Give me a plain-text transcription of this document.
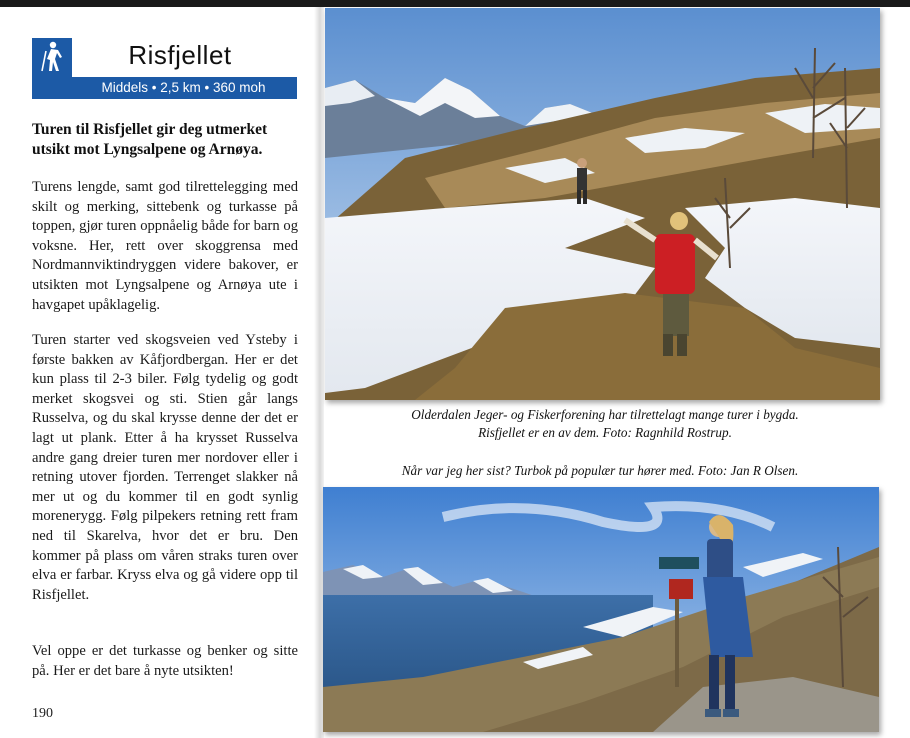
Risfjellet
Middels • 2,5 km • 360 moh
Turen til Risfjellet gir deg utmerket utsikt mot Lyngsalpene og Arnøya.
Turens lengde, samt god tilrettelegging med skilt og merking, sittebenk og turkasse på toppen, gjør turen oppnåelig både for barn og voksne. Her, rett over skoggrensa med Nordmannviktindryggen videre bakover, er utsikten mot Lyngsalpene og Arnøya ute i havgapet upåklagelig.
Turen starter ved skogsveien ved Ysteby i første bakken av Kåfjordbergan. Her er det kun plass til 2-3 biler. Følg tydelig og godt merket skogsvei og sti. Stien går langs Russelva, og du skal krysse denne der det er lagt ut plank. Etter å ha krysset Russelva andre gang dreier turen mer nordover eller i retning utover fjorden. Terrenget slakker nå mer ut og du kommer til en godt synlig morenerygg. Følg pilpekers retning rett fram ned til Skarelva, hvor det er bru. Den kommer på plass om våren straks turen over elva er farbar. Kryss elva og gå videre opp til Risfjellet.
Vel oppe er det turkasse og benker og sitte på. Her er det bare å nyte utsikten!
190
Olderdalen Jeger- og Fiskerforening har tilrettelagt mange turer i bygda.
Risfjellet er en av dem. Foto: Ragnhild Rostrup.
Når var jeg her sist? Turbok på populær tur hører med. Foto: Jan R Olsen.
